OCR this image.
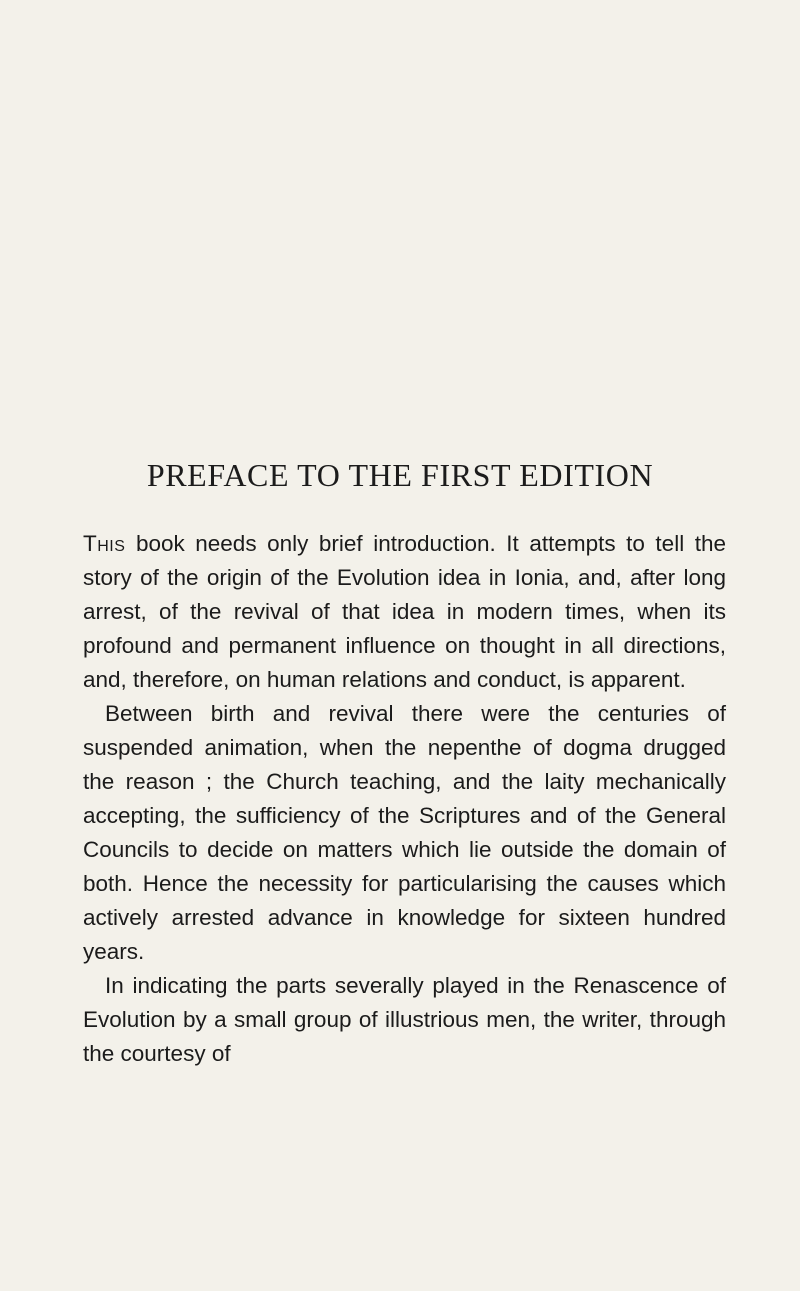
PREFACE TO THE FIRST EDITION

This book needs only brief introduction. It attempts to tell the story of the origin of the Evolution idea in Ionia, and, after long arrest, of the revival of that idea in modern times, when its profound and permanent influence on thought in all directions, and, therefore, on human relations and conduct, is apparent.

Between birth and revival there were the centuries of suspended animation, when the nepenthe of dogma drugged the reason ; the Church teaching, and the laity mechanically accepting, the sufficiency of the Scriptures and of the General Councils to decide on matters which lie outside the domain of both. Hence the necessity for particularising the causes which actively arrested advance in knowledge for sixteen hundred years.

In indicating the parts severally played in the Renascence of Evolution by a small group of illustrious men, the writer, through the courtesy of
